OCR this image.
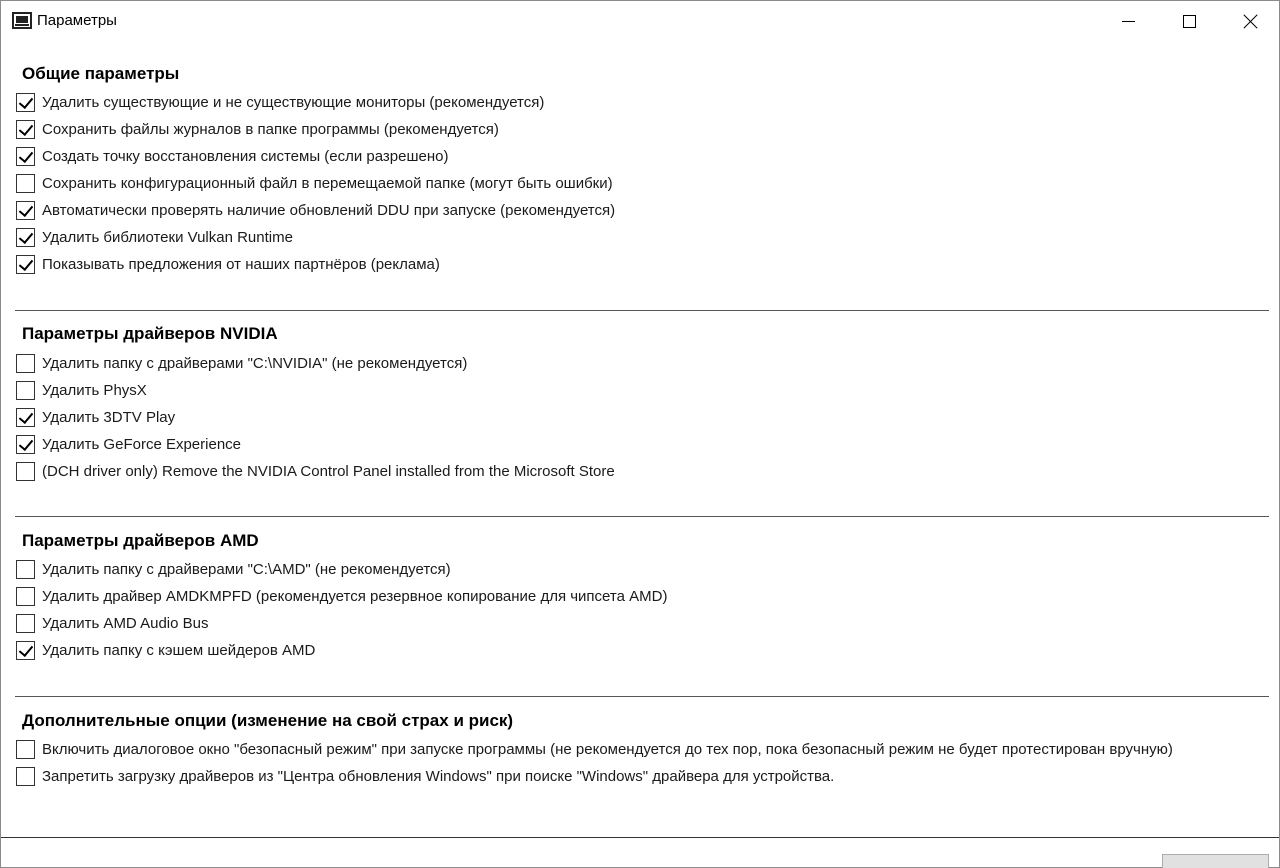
Параметры
Общие параметры
Удалить существующие и не существующие мониторы (рекомендуется)
Сохранить файлы журналов в папке программы (рекомендуется)
Создать точку восстановления системы (если разрешено)
Сохранить конфигурационный файл в перемещаемой папке (могут быть ошибки)
Автоматически проверять наличие обновлений DDU при запуске (рекомендуется)
Удалить библиотеки Vulkan Runtime
Показывать предложения от наших партнёров (реклама)
Параметры драйверов NVIDIA
Удалить папку с драйверами "C:\NVIDIA" (не рекомендуется)
Удалить PhysX
Удалить 3DTV Play
Удалить GeForce Experience
(DCH driver only) Remove the NVIDIA Control Panel installed from the Microsoft Store
Параметры драйверов AMD
Удалить папку с драйверами "C:\AMD" (не рекомендуется)
Удалить драйвер AMDKMPFD (рекомендуется резервное копирование для чипсета AMD)
Удалить AMD Audio Bus
Удалить папку с кэшем шейдеров AMD
Дополнительные опции (изменение на свой страх и риск)
Включить диалоговое окно "безопасный режим" при запуске программы (не рекомендуется до тех пор, пока безопасный режим не будет протестирован вручную)
Запретить загрузку драйверов из "Центра обновления Windows" при поиске "Windows" драйвера для устройства.
